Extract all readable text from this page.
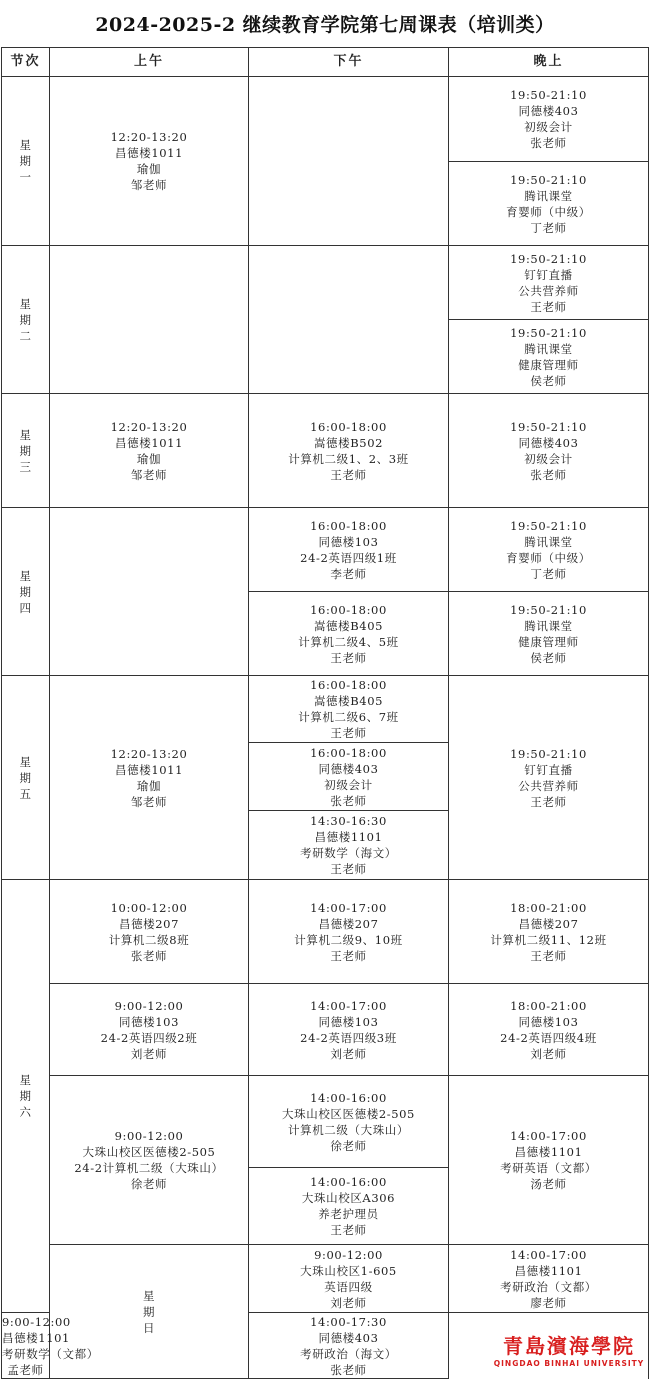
2024-2025-2 继续教育学院第七周课表（培训类）
节次	上午	下午	晚上	

星
期
一	12:20-13:20
昌德楼1011
瑜伽
邹老师		19:50-21:10
同德楼403
初级会计
张老师	

			19:50-21:10
腾讯课堂
育婴师（中级）
丁老师	

星
期
二			19:50-21:10
钉钉直播
公共营养师
王老师	

			19:50-21:10
腾讯课堂
健康管理师
侯老师	

星
期
三	12:20-13:20
昌德楼1011
瑜伽
邹老师	16:00-18:00
嵩德楼B502
计算机二级1、2、3班
王老师	19:50-21:10
同德楼403
初级会计
张老师	

星
期
四		16:00-18:00
同德楼103
24-2英语四级1班
李老师	19:50-21:10
腾讯课堂
育婴师（中级）
丁老师	

		16:00-18:00
嵩德楼B405
计算机二级4、5班
王老师	19:50-21:10
腾讯课堂
健康管理师
侯老师	

星
期
五	12:20-13:20
昌德楼1011
瑜伽
邹老师	16:00-18:00
嵩德楼B405
计算机二级6、7班
王老师	19:50-21:10
钉钉直播
公共营养师
王老师	

		16:00-18:00
同德楼403
初级会计
张老师		

		14:30-16:30
昌德楼1101
考研数学（海文）
王老师		

星
期
六	10:00-12:00
昌德楼207
计算机二级8班
张老师	14:00-17:00
昌德楼207
计算机二级9、10班
王老师	18:00-21:00
昌德楼207
计算机二级11、12班
王老师	

	9:00-12:00
同德楼103
24-2英语四级2班
刘老师	14:00-17:00
同德楼103
24-2英语四级3班
刘老师	18:00-21:00
同德楼103
24-2英语四级4班
刘老师	

	9:00-12:00
大珠山校区医德楼2-505
24-2计算机二级（大珠山）
徐老师	14:00-16:00
大珠山校区医德楼2-505
计算机二级（大珠山）
徐老师	14:00-17:00
昌德楼1101
考研英语（文都）
汤老师	

		14:00-16:00
大珠山校区A306
养老护理员
王老师		

	星
期
日	9:00-12:00
大珠山校区1-605
英语四级
刘老师	14:00-17:00
昌德楼1101
考研政治（文都）
廖老师	

9:00-12:00
昌德楼1101
考研数学（文都）
孟老师		14:00-17:30
同德楼403
考研政治（海文）
张老师		
青島濱海學院
QINGDAO BINHAI UNIVERSITY
